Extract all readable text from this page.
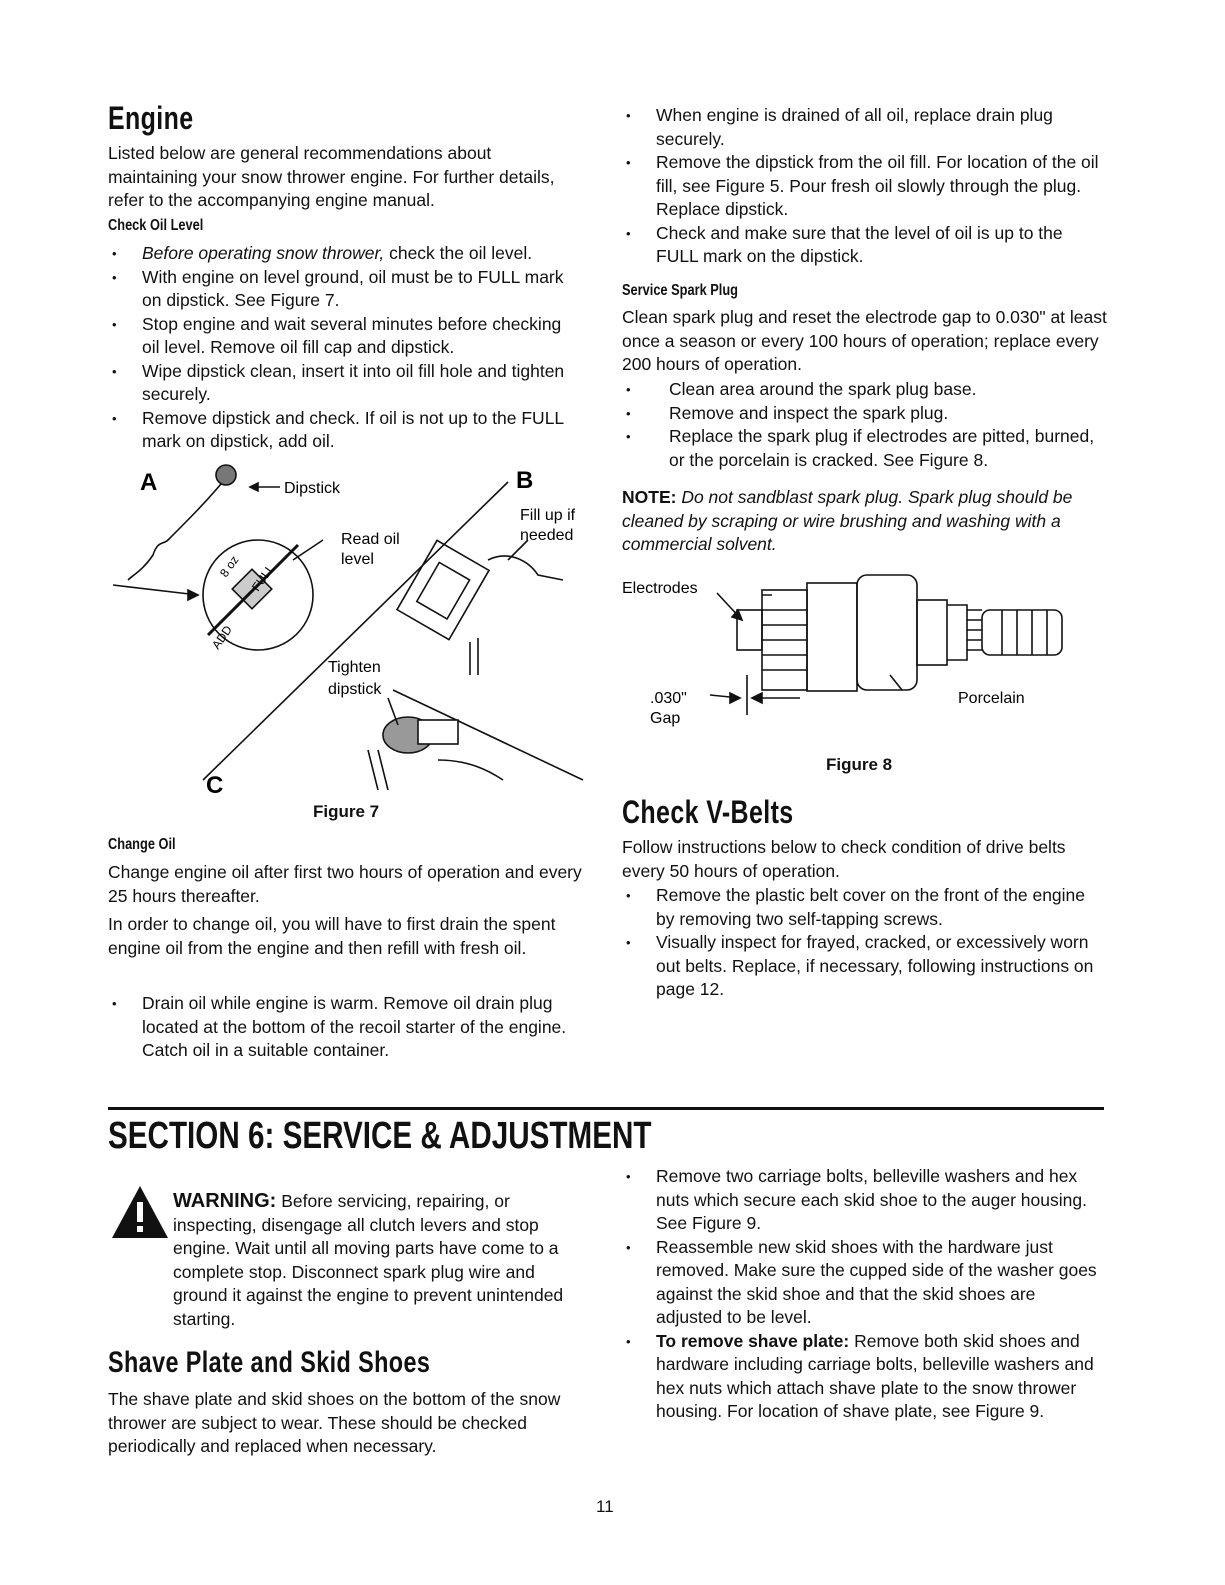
Engine

Listed below are general recommendations about maintaining your snow thrower engine. For further details, refer to the accompanying engine manual.

Check Oil Level
• Before operating snow thrower, check the oil level.
• With engine on level ground, oil must be to FULL mark on dipstick. See Figure 7.
• Stop engine and wait several minutes before checking oil level. Remove oil fill cap and dipstick.
• Wipe dipstick clean, insert it into oil fill hole and tighten securely.
• Remove dipstick and check. If oil is not up to the FULL mark on dipstick, add oil.
A	B
C
Dipstick
Read oil
level
Fill up if
needed
Tighten
dipstick
FULL
ADD
8 oz
Figure 7
Change Oil

Change engine oil after first two hours of operation and every 25 hours thereafter.

In order to change oil, you will have to first drain the spent engine oil from the engine and then refill with fresh oil.

• Drain oil while engine is warm. Remove oil drain plug located at the bottom of the recoil starter of the engine. Catch oil in a suitable container.
• When engine is drained of all oil, replace drain plug securely.
• Remove the dipstick from the oil fill. For location of the oil fill, see Figure 5. Pour fresh oil slowly through the plug. Replace dipstick.
• Check and make sure that the level of oil is up to the FULL mark on the dipstick.
Service Spark Plug

Clean spark plug and reset the electrode gap to 0.030" at least once a season or every 100 hours of operation; replace every 200 hours of operation.

• Clean area around the spark plug base.
• Remove and inspect the spark plug.
• Replace the spark plug if electrodes are pitted, burned, or the porcelain is cracked. See Figure 8.

NOTE: Do not sandblast spark plug. Spark plug should be cleaned by scraping or wire brushing and washing with a commercial solvent.

Electrodes
.030"
Gap
Porcelain
Figure 8
Check V-Belts

Follow instructions below to check condition of drive belts every 50 hours of operation.

• Remove the plastic belt cover on the front of the engine by removing two self-tapping screws.
• Visually inspect for frayed, cracked, or excessively worn out belts. Replace, if necessary, following instructions on page 12.
SECTION 6: SERVICE & ADJUSTMENT

WARNING: Before servicing, repairing, or inspecting, disengage all clutch levers and stop engine. Wait until all moving parts have come to a complete stop. Disconnect spark plug wire and ground it against the engine to prevent unintended starting.

Shave Plate and Skid Shoes

The shave plate and skid shoes on the bottom of the snow thrower are subject to wear. These should be checked periodically and replaced when necessary.

• Remove two carriage bolts, belleville washers and hex nuts which secure each skid shoe to the auger housing. See Figure 9.
• Reassemble new skid shoes with the hardware just removed. Make sure the cupped side of the washer goes against the skid shoe and that the skid shoes are adjusted to be level.
• To remove shave plate: Remove both skid shoes and hardware including carriage bolts, belleville washers and hex nuts which attach shave plate to the snow thrower housing. For location of shave plate, see Figure 9.
11
